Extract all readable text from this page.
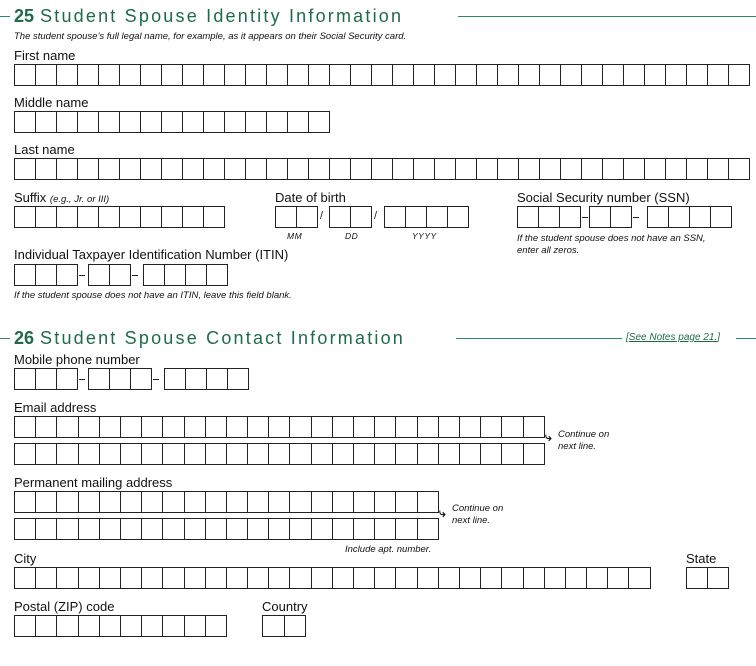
25 Student Spouse Identity Information
The student spouse’s full legal name, for example, as it appears on their Social Security card.
First name
Middle name
Last name
Suffix (e.g., Jr. or III)	Date of birth
/	/
MM	DD	YYYY
Social Security number (SSN)
If the student spouse does not have an SSN,
enter all zeros.
Individual Taxpayer Identification Number (ITIN)
If the student spouse does not have an ITIN, leave this field blank.
26 Student Spouse Contact Information	[See Notes page 21.]
Mobile phone number
Email address
⤷ Continue on
next line.
Permanent mailing address
⤷ Continue on
next line.
Include apt. number.
City	State
Postal (ZIP) code	Country
